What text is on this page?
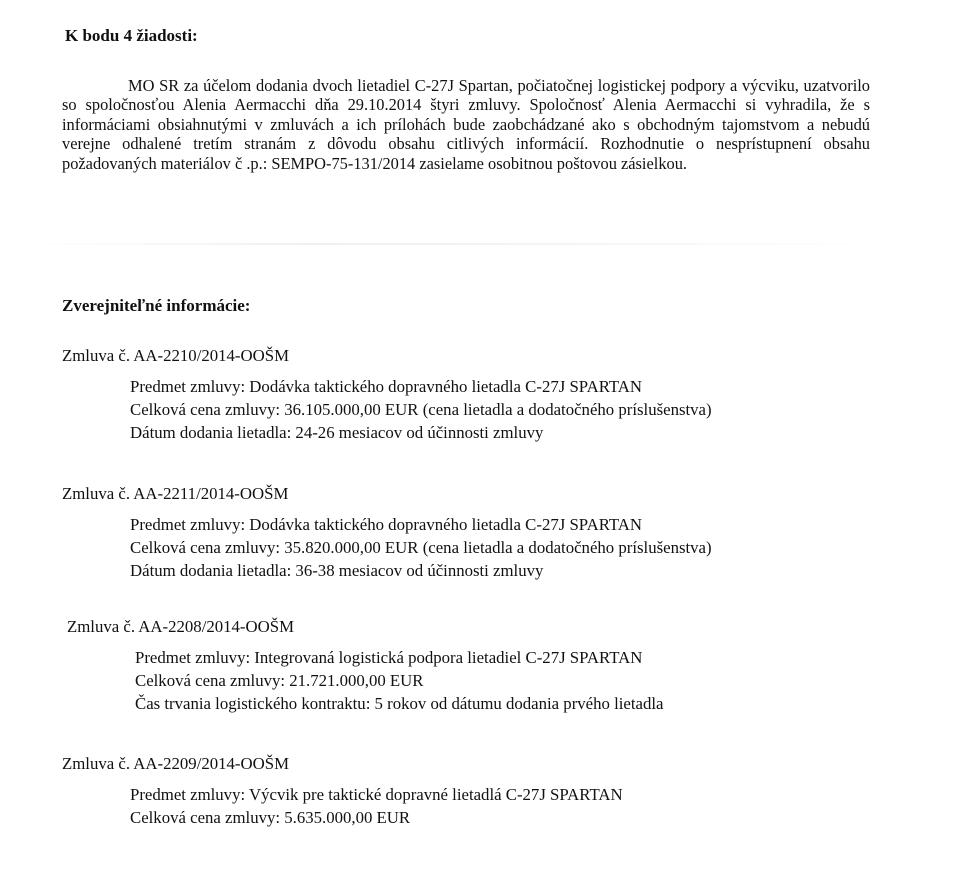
K bodu 4 žiadosti:

MO SR za účelom dodania dvoch lietadiel C-27J Spartan, počiatočnej logistickej podpory a výcviku, uzatvorilo so spoločnosťou Alenia Aermacchi dňa 29.10.2014 štyri zmluvy. Spoločnosť Alenia Aermacchi si vyhradila, že s informáciami obsiahnutými v zmluvách a ich prílohách bude zaobchádzané ako s obchodným tajomstvom a nebudú verejne odhalené tretím stranám z dôvodu obsahu citlivých informácií. Rozhodnutie o nesprístupnení obsahu požadovaných materiálov č .p.: SEMPO-75-131/2014 zasielame osobitnou poštovou zásielkou.

Zverejniteľné informácie:
Zmluva č. AA-2210/2014-OOŠM
Predmet zmluvy: Dodávka taktického dopravného lietadla C-27J SPARTAN
Celková cena zmluvy: 36.105.000,00 EUR (cena lietadla a dodatočného príslušenstva)
Dátum dodania lietadla: 24-26 mesiacov od účinnosti zmluvy
Zmluva č. AA-2211/2014-OOŠM
Predmet zmluvy: Dodávka taktického dopravného lietadla C-27J SPARTAN
Celková cena zmluvy: 35.820.000,00 EUR (cena lietadla a dodatočného príslušenstva)
Dátum dodania lietadla: 36-38 mesiacov od účinnosti zmluvy
Zmluva č. AA-2208/2014-OOŠM
Predmet zmluvy: Integrovaná logistická podpora lietadiel C-27J SPARTAN
Celková cena zmluvy: 21.721.000,00 EUR
Čas trvania logistického kontraktu: 5 rokov od dátumu dodania prvého lietadla
Zmluva č. AA-2209/2014-OOŠM
Predmet zmluvy: Výcvik pre taktické dopravné lietadlá C-27J SPARTAN
Celková cena zmluvy: 5.635.000,00 EUR
